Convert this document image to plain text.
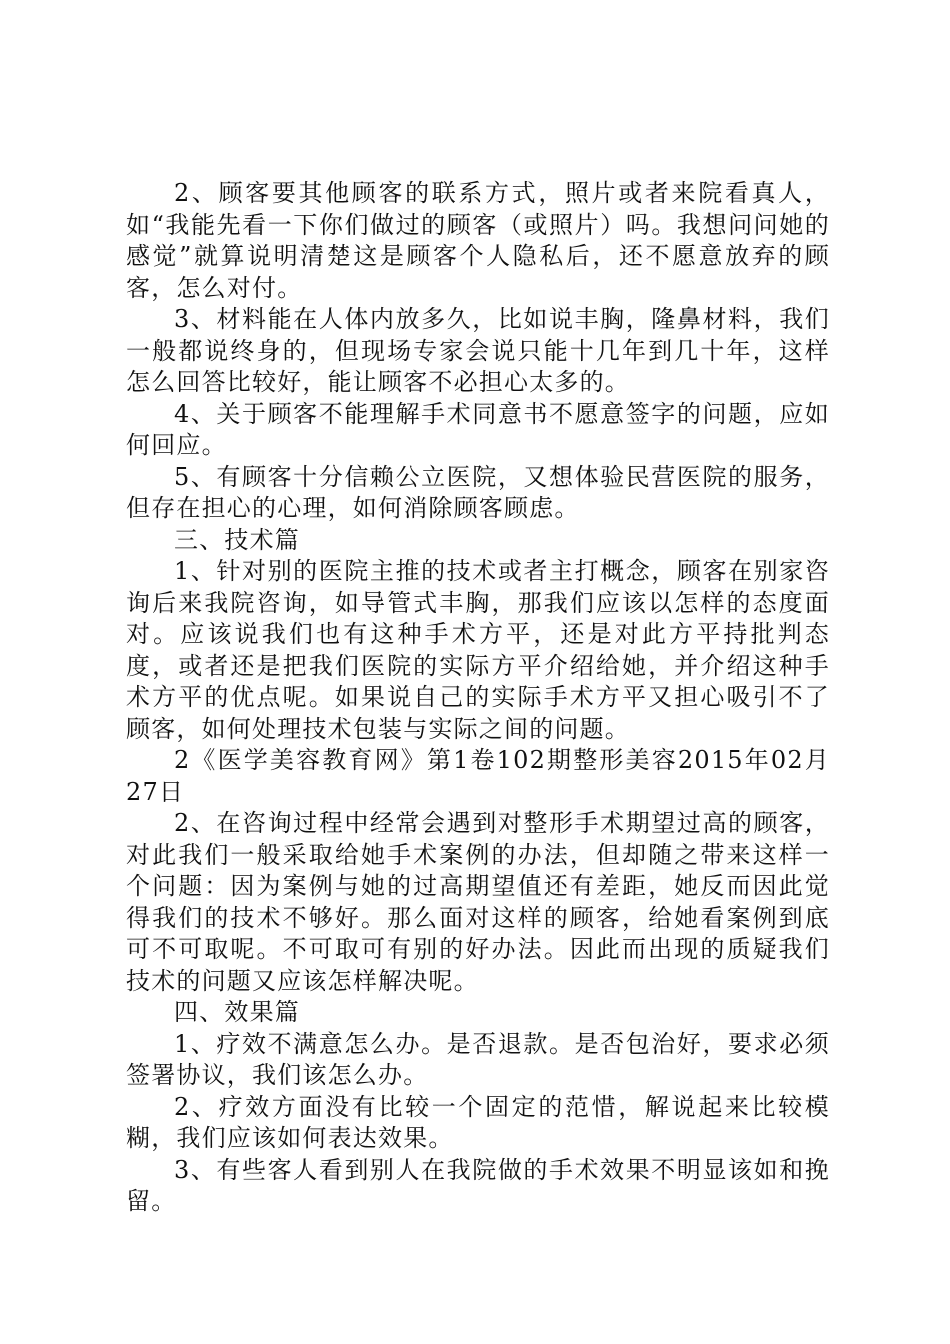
2、顾客要其他顾客的联系方式，照片或者来院看真人，如“我能先看一下你们做过的顾客（或照片）吗。我想问问她的感觉”就算说明清楚这是顾客个人隐私后，还不愿意放弃的顾客，怎么对付。

3、材料能在人体内放多久，比如说丰胸，隆鼻材料，我们一般都说终身的，但现场专家会说只能十几年到几十年，这样怎么回答比较好，能让顾客不必担心太多的。

4、关于顾客不能理解手术同意书不愿意签字的问题，应如何回应。

5、有顾客十分信赖公立医院，又想体验民营医院的服务，但存在担心的心理，如何消除顾客顾虑。

三、技术篇

1、针对别的医院主推的技术或者主打概念，顾客在别家咨询后来我院咨询，如导管式丰胸，那我们应该以怎样的态度面对。应该说我们也有这种手术方平，还是对此方平持批判态度，或者还是把我们医院的实际方平介绍给她，并介绍这种手术方平的优点呢。如果说自己的实际手术方平又担心吸引不了顾客，如何处理技术包装与实际之间的问题。

2《医学美容教育网》第1卷102期整形美容2015年02月27日

2、在咨询过程中经常会遇到对整形手术期望过高的顾客，对此我们一般采取给她手术案例的办法，但却随之带来这样一个问题：因为案例与她的过高期望值还有差距，她反而因此觉得我们的技术不够好。那么面对这样的顾客，给她看案例到底可不可取呢。不可取可有别的好办法。因此而出现的质疑我们技术的问题又应该怎样解决呢。

四、效果篇

1、疗效不满意怎么办。是否退款。是否包治好，要求必须签署协议，我们该怎么办。

2、疗效方面没有比较一个固定的范惜，解说起来比较模糊，我们应该如何表达效果。

3、有些客人看到别人在我院做的手术效果不明显该如和挽留。
